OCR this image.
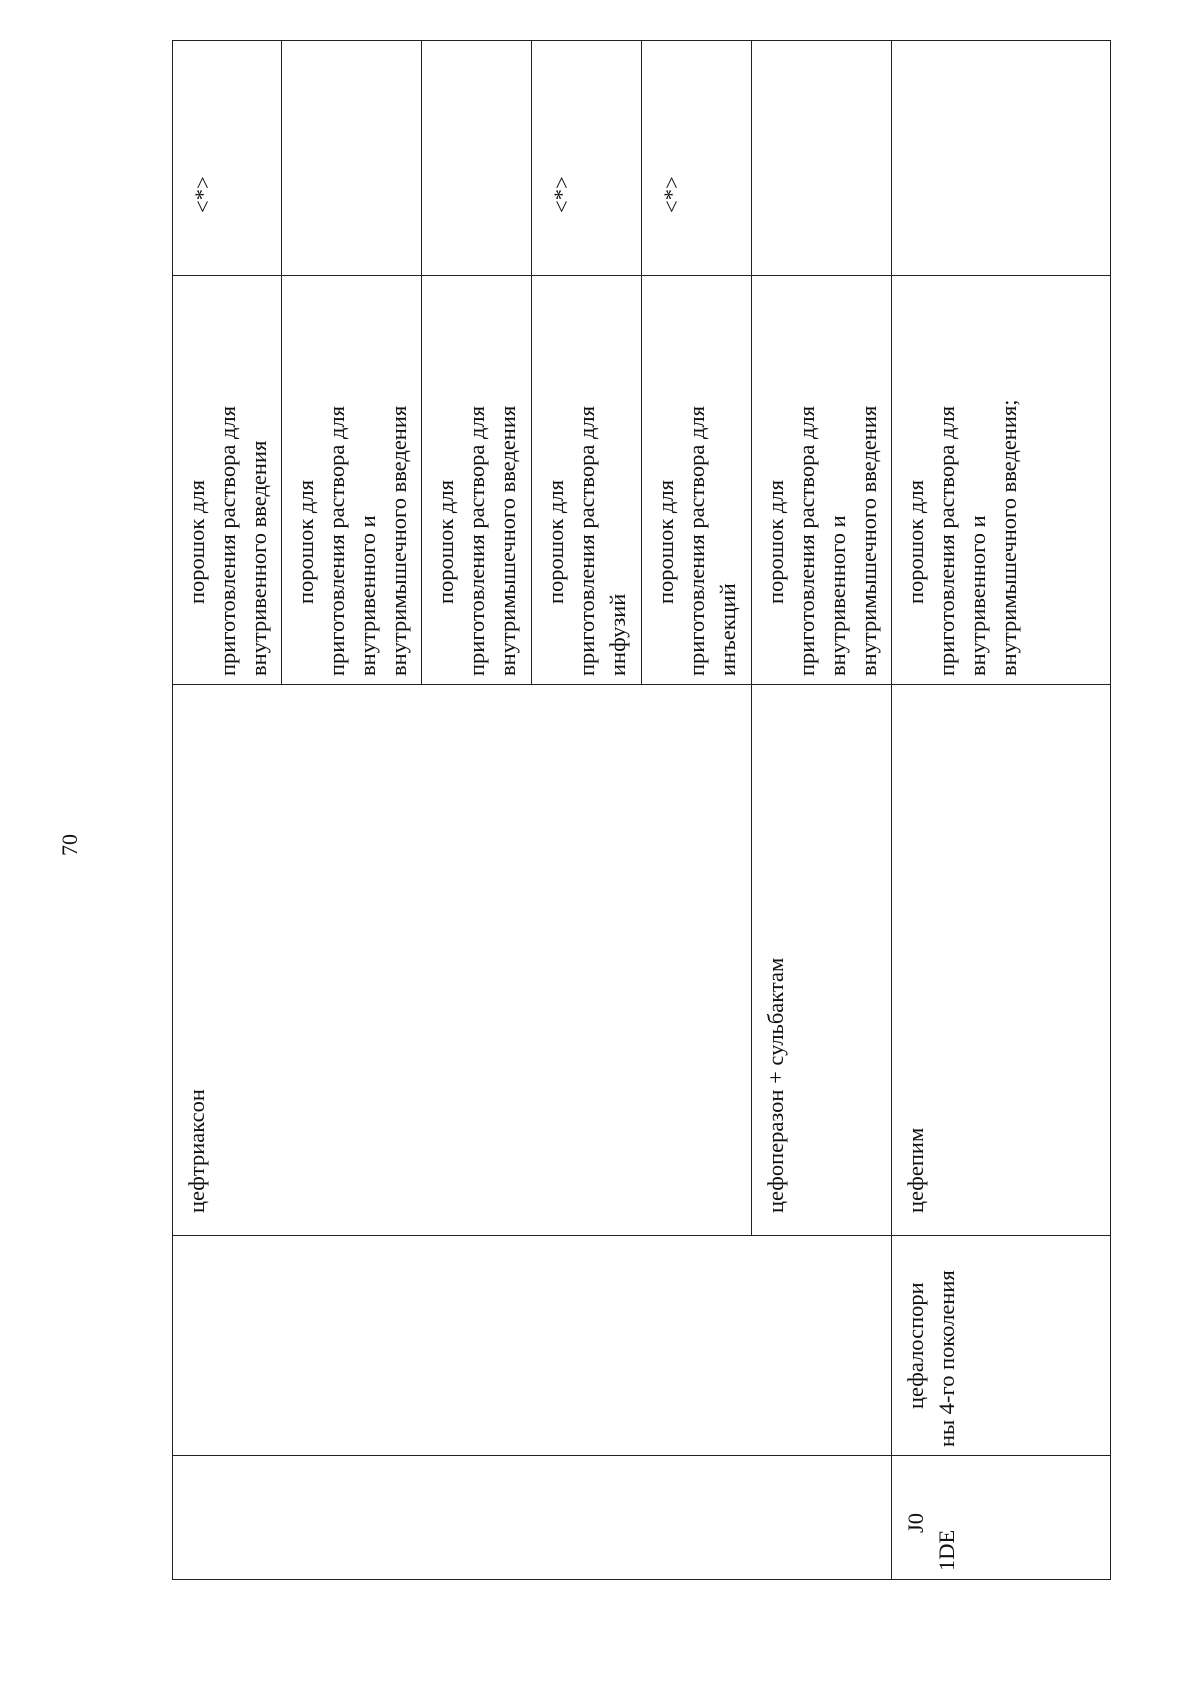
70

		цефтриаксон	порошок для
приготовления раствора для
внутривенного введения	<*>

			порошок для
приготовления раствора для
внутривенного и
внутримышечного введения	

			порошок для
приготовления раствора для
внутримышечного введения	

			порошок для
приготовления раствора для
инфузий	<*>

			порошок для
приготовления раствора для
инъекций	<*>

		цефоперазон + сульбактам	порошок для
приготовления раствора для
внутривенного и
внутримышечного введения	

J0
1DE	цефалоспори
ны 4-го поколения	цефепим	порошок для
приготовления раствора для
внутривенного и
внутримышечного введения;	
